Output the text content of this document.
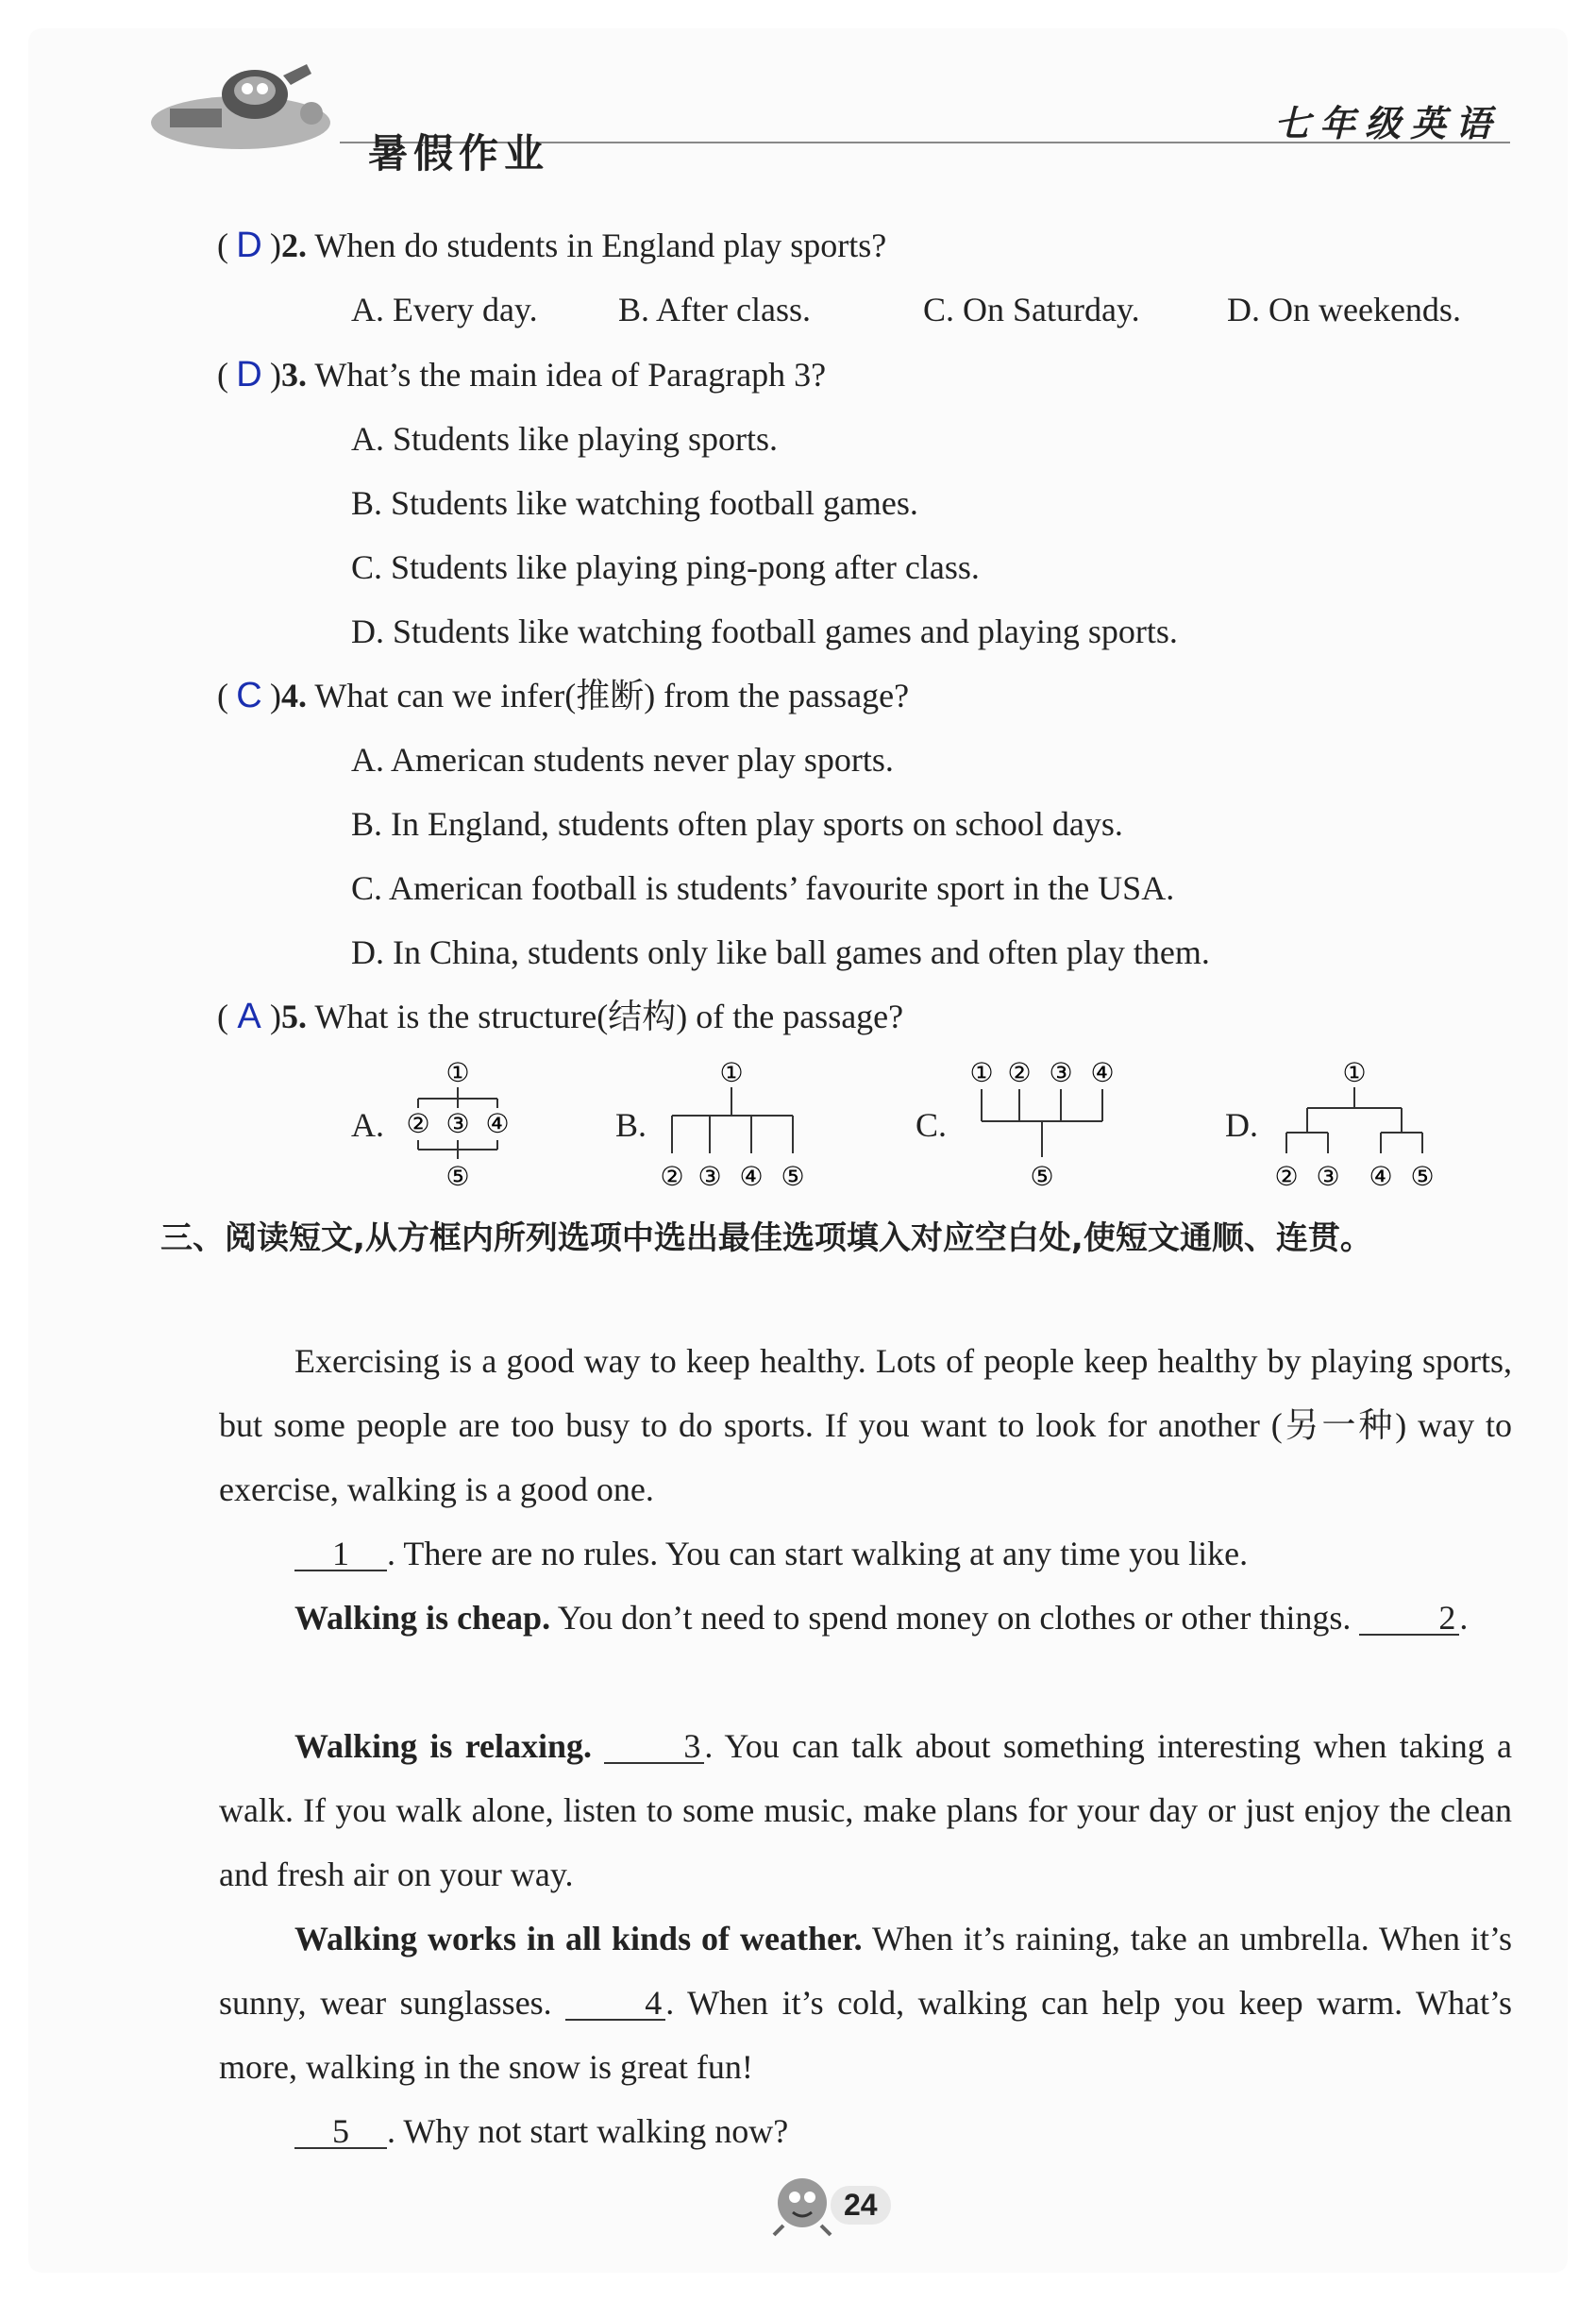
暑假作业
七年级英语
( D )2. When do students in England play sports?
A. Every day. B. After class.	C. On Saturday.	D. On weekends.
( D )3. What’s the main idea of Paragraph 3?
A. Students like playing sports.
B. Students like watching football games.
C. Students like playing ping-pong after class.
D. Students like watching football games and playing sports.
( C )4. What can we infer(推断) from the passage?
A. American students never play sports.
B. In England, students often play sports on school days.
C. American football is students’ favourite sport in the USA.
D. In China, students only like ball games and often play them.
( A )5. What is the structure(结构) of the passage?
A.
①
② ③ ④
⑤
B.
①
② ③ ④ ⑤
C.
① ② ③ ④
⑤
D.
①
② ③ ④ ⑤
三、阅读短文,从方框内所列选项中选出最佳选项填入对应空白处,使短文通顺、连贯。
Exercising is a good way to keep healthy. Lots of people keep healthy by playing sports, but some people are too busy to do sports. If you want to look for another (另一种) way to exercise, walking is a good one.
1 . There are no rules. You can start walking at any time you like.
Walking is cheap. You don’t need to spend money on clothes or other things.	2 .
Walking is relaxing.	3 . You can talk about something interesting when taking a walk. If you walk alone, listen to some music, make plans for your day or just enjoy the clean and fresh air on your way.
Walking works in all kinds of weather. When it’s raining, take an umbrella. When it’s sunny, wear sunglasses.	4 . When it’s cold, walking can help you keep warm. What’s more, walking in the snow is great fun!
5 . Why not start walking now?
24
